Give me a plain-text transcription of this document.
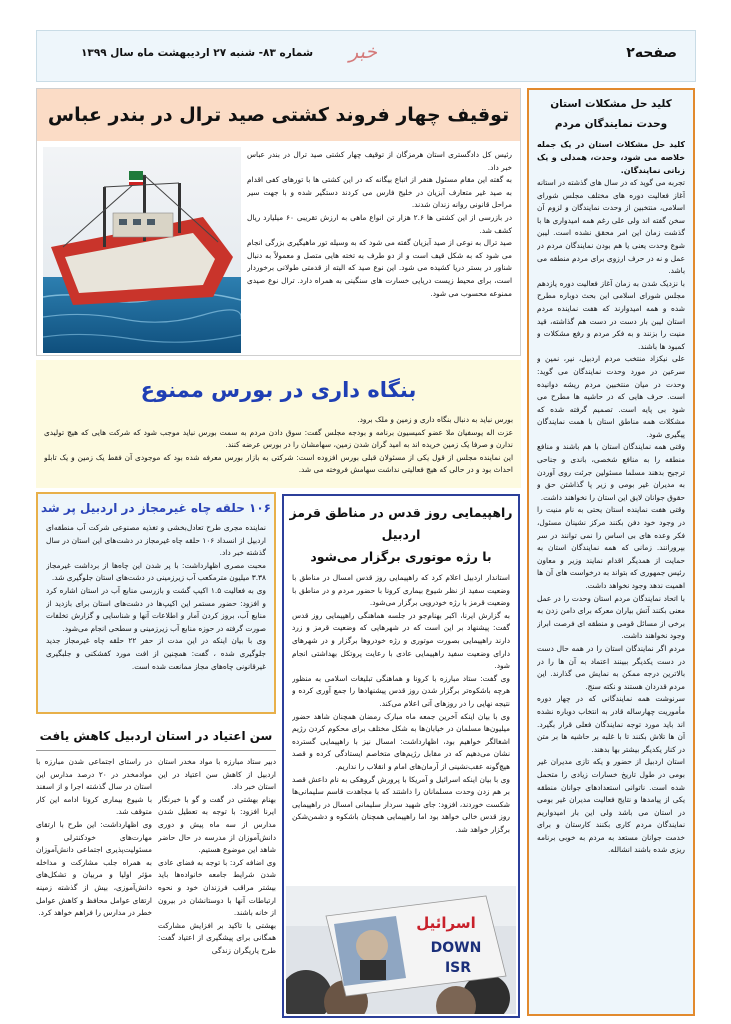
صفحه۲
خبر
شماره ۸۳- شنبه ۲۷ اردیبهشت ماه سال ۱۳۹۹
کلید حل مشکلات استان
وحدت نمایندگان مردم

کلید حل مشکلات استان در یک جمله خلاصه می شود، وحدت، همدلی و یک زبانی نمایندگان.

تجربه می گوید که در سال های گذشته در استانه آغاز فعالیت دوره های مختلف مجلس شورای اسلامی، منتخبین از وحدت نمایندگان و لزوم آن سخن گفته اند ولی علی رغم همه امیدواری ها با گذشت زمان این امر محقق نشده است. لیبن شوع وحدت یعنی یا هم بودن نمایندگان مردم در عمل و نه در حرف ارزوی برای مردم منطقه می باشد.

با نزدیک شدن به زمان آغاز فعالیت دوره یازدهم مجلس شورای اسلامی این بحث دوباره مطرح شده و همه امیدوارند که هفت نماینده مردم استان لیبن بار دست در دست هم گذاشته، قید منیت را بزنند و به فکر مردم و رفع مشکلات و کمبود ها باشند.

علی نیکزاد منتخب مردم اردبیل، نیر، نمین و سرعین در مورد وحدت نمایندگان می گوید: وحدت در میان منتخبین مردم ریشه دوانیده است. حرف هایی که در حاشیه ها مطرح می شود بی پایه است. تصمیم گرفته شده که مشکلات همه مناطق استان با همت نمایندگان پیگیری شود.

وقتی همه نمایندگان استان با هم باشند و منافع منطقه را به منافع شخصی، باندی و جناحی ترجیح بدهند مسلما مسئولین جرئت روی آوردن به مدیران غیر بومی و زیر پا گذاشتن حق و حقوق جوانان لایق این استان را نخواهند داشت.

وقتی هفت نماینده استان یحتی به نام منیت را در وجود خود دفن بکنند مرکز نشینان مسئول، فکر وعده های بی اساس را نمی توانند در سر بپرورانند. زمانی که همه نمایندگان استان به حمایت از همدیگر اقدام نمایند وزیر و معاون رئیس جمهوری که بتواند به درخواست های آن ها اهمیت ندهد وجود نخواهد داشت.

با اتحاد نمایندگان مردم استان وحدت را در عمل معنی بکنند آتش بیاران معرکه برای دامن زدن به برخی از مسائل قومی و منطقه ای فرصت ابراز وجود نخواهند داشت.

مردم اگر نمایندگان استان را در همه حال دست در دست یکدیگر ببینند اعتماد به آن ها را در بالاترین درجه ممکن به نمایش می گذارند. این مردم قدردان هستند و نکته سنج.

سرنوشت همه نمایندگانی که در چهار دوره مأموریت چهارساله قادر به انتخاب دوباره نشده اند باید مورد توجه نمایندگان فعلی قرار بگیرد. آن ها تلاش بکنند تا با غلبه بر حاشیه ها بر متن در کنار یکدیگر بیشتر بها بدهند.

استان اردبیل از حضور و یکه تازی مدیران غیر بومی در طول تاریخ خسارات زیادی را متحمل شده است. ناتوانی استعدادهای جوانان منطقه یکی از پیامدها و نتایج فعالیت مدیران غیر بومی در استان می باشد ولی این بار امیدواریم نمایندگان مردم کاری بکنند کارستان و برای خدمت جوانان مستعد به مردم به خوبی برنامه ریزی شده باشند انشالله.

توقیف چهار فروند کشتی صید ترال در بندر عباس

رئیس کل دادگستری استان هرمزگان از توقیف چهار کشتی صید ترال در بندر عباس خبر داد.

به گفته این مقام مسئول هنفر از اتباع بیگانه که در این کشتی ها با تورهای کفی اقدام به صید غیر متعارف آبزیان در خلیج فارس می کردند دستگیر شده و با جهت سیر مراحل قانونی روانه زندان شدند.

در بازرسی از این کشتی ها ۲.۶ هزار تن انواع ماهی به ارزش تقریبی ۶۰ میلیارد ریال کشف شد.

صید ترال به نوعی از صید آبزیان گفته می شود که به وسیله تور ماهیگیری بزرگی انجام می شود که به شکل قیف است و از دو طرف به تخته هایی متصل و معمولاً به دنبال شناور در بستر دریا کشیده می شود. این نوع صید که البته از قدمتی طولانی برخوردار است، برای محیط زیست دریایی خسارت های سنگینی به همراه دارد. ترال نوع صیدی ممنوعه محسوب می شود.

بنگاه داری در بورس ممنوع

بورس نباید به دنبال بنگاه داری و زمین و ملک برود.

عزت اله یوسفیان ملا عضو کمیسیون برنامه و بودجه مجلس گفت: سوق دادن مردم به سمت بورس نباید موجب شود که شرکت هایی که هیچ تولیدی ندارن و صرفا یک زمین خریده اند به امید گران شدن زمین، سهامشان را در بورس عرضه کنند.

این نماینده مجلس از قول یکی از مسئولان قبلی بورس افزوده است: شرکتی به بازار بورس معرفه شده بود که موجودی آن فقط یک زمین و یک تابلو احداث بود و در حالی که هیچ فعالیتی نداشت سهامش فروخته می شد.

۱۰۶ حلقه چاه غیرمجاز در اردبیل پر شد

نماینده مجری طرح تعادل‌بخشی و تغذیه مصنوعی شرکت آب منطقه‌ای اردبیل از انسداد ۱۰۶ حلقه چاه غیرمجاز در دشت‌های این استان در سال گذشته خبر داد.

محبت مصری اظهارداشت: با پر شدن این چاه‌ها از برداشت غیرمجاز ۳.۳۸ میلیون مترمکعب آب زیرزمینی در دشت‌های استان جلوگیری شد.

وی به فعالیت ۱.۵ اکیپ گشت و بازرسی منابع آب در استان اشاره کرد و افزود: حضور مستمر این اکیپ‌ها در دشت‌های استان برای بازدید از منابع آب، بروز کردن آمار و اطلاعات آنها و شناسایی و گزارش تخلفات صورت گرفته در حوزه منابع آب زیرزمینی و سطحی انجام می‌شود.

وی با بیان اینکه در این مدت از حفر ۲۲ حلقه چاه غیرمجاز جدید جلوگیری شده ، گفت: همچنین از افت مورد کفشکنی و جلبگیری غیرقانونی چاه‌های مجاز ممانعت شده است.

راهپیمایی روز قدس در مناطق قرمز اردبیل
با رژه موتوری برگزار می‌شود

استاندار اردبیل اعلام کرد که راهپیمایی روز قدس امسال در مناطق با وضعیت سفید از نظر شیوع بیماری کرونا با حضور مردم و در مناطق با وضعیت قرمز با رژه خودرویی برگزار می‌شود.

به گزارش ایرنا، اکبر بهنام‌جو در جلسه هماهنگی راهپیمایی روز قدس گفت: پیشنهاد بر این است که در شهرهایی که وضعیت قرمز و زرد دارند راهپیمایی بصورت موتوری و رژه خودروها برگزار و در شهرهای دارای وضعیت سفید راهپیمایی عادی با رعایت پروتکل بهداشتی انجام شود.

وی گفت: ستاد مبارزه با کرونا و هماهنگی تبلیغات اسلامی به منظور هرچه باشکوه‌تر برگزار شدن روز قدس پیشنهادها را جمع آوری کرده و نتیجه نهایی را در روزهای آتی اعلام می‌کند.

وی با بیان اینکه آخرین جمعه ماه مبارک رمضان همچنان شاهد حضور میلیون‌ها مسلمان در خیابان‌ها به شکل مختلف برای محکوم کردن رژیم اشغالگر خواهیم بود، اظهارداشت: امسال نیز با راهپیمایی گسترده نشان می‌دهیم که در مقابل رژیم‌های متخاصم ایستادگی کرده و قصد هیچ‌گونه عقب‌نشینی از آرمان‌های امام و انقلاب را نداریم.

وی با بیان اینکه اسرائیل و آمریکا با پرورش گروهکی به نام داعش قصد بر هم زدن وحدت مسلمانان را داشتند که با مجاهدت قاسم سلیمانی‌ها شکست خوردند، افزود: جای شهید سردار سلیمانی امسال در راهپیمایی روز قدس خالی خواهد بود اما راهپیمایی همچنان باشکوه و دشمن‌شکن برگزار خواهد شد.

اسرائيل
DOWN
ISR
سن اعتیاد در استان اردبیل کاهش یافت

دبیر ستاد مبارزه با مواد مخدر استان اردبیل از کاهش سن اعتیاد در این استان خبر داد.

بهنام بهشتی در گفت و گو با خبرنگار ایرنا افزود: با توجه به تعطیل شدن مدارس از سه ماه پیش و دوری دانش‌آموزان از مدرسه در حال حاضر شاهد این موضوع هستیم.

وی اضافه کرد: با توجه به فضای عادی شدن شرایط جامعه خانواده‌ها باید بیشتر مراقب فرزندان خود و نحوه ارتباطات آنها با دوستانشان در بیرون از خانه باشند.

بهشتی با تاکید بر افزایش مشارکت همگانی برای پیشگیری از اعتیاد گفت: طرح یاریگران زندگی

در راستای اجتماعی شدن مبارزه با موادمخدر در ۲۰ درصد مدارس این استان در سال گذشته اجرا و از اسفند با شیوع بیماری کرونا ادامه این کار متوقف شد.

وی اظهارداشت: این طرح با ارتقای مهارت‌های خودکنترلی و مسئولیت‌پذیری اجتماعی دانش‌آموزان به همراه جلب مشارکت و مداخله مؤثر اولیا و مربیان و تشکل‌های دانش‌آموزی، بیش از گذشته زمینه ارتقای عوامل محافظ و کاهش عوامل خطر در مدارس را فراهم خواهد کرد.
